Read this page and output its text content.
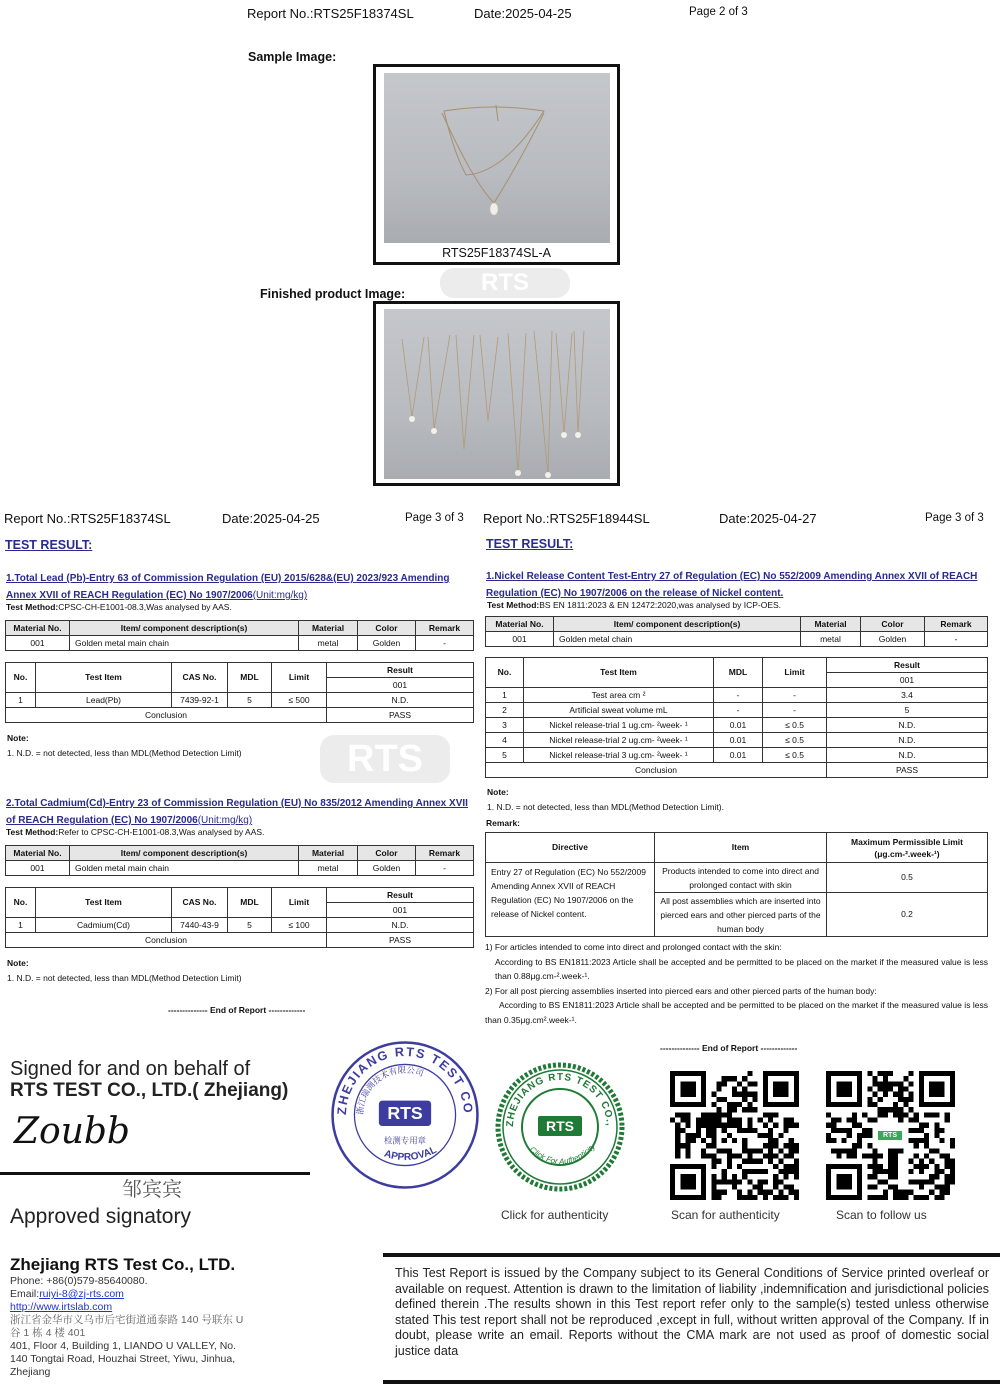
Report No.:RTS25F18374SL	Date:2025-04-25	Page 2 of 3
Sample Image:
RTS25F18374SL-A
RTS
Finished product Image:
Report No.:RTS25F18374SL	Date:2025-04-25	Page 3 of 3
TEST RESULT:
1.Total Lead (Pb)-Entry 63 of Commission Regulation (EU) 2015/628&(EU) 2023/923 Amending Annex XVII of REACH Regulation (EC) No 1907/2006(Unit:mg/kg)
Test Method:CPSC-CH-E1001-08.3,Was analysed by AAS.
Material No.	Item/ component description(s)	Material	Color	Remark
001	Golden metal main chain	metal	Golden	-
No.	Test Item	CAS No.	MDL	Limit	Result
					001
1	Lead(Pb)	7439-92-1	5	≤ 500	N.D.
Conclusion					PASS
RTS
Note:
1. N.D. = not detected, less than MDL(Method Detection Limit)
2.Total Cadmium(Cd)-Entry 23 of Commission Regulation (EU) No 835/2012 Amending Annex XVII of REACH Regulation (EC) No 1907/2006(Unit:mg/kg)
Test Method:Refer to CPSC-CH-E1001-08.3,Was analysed by AAS.
Material No.	Item/ component description(s)	Material	Color	Remark
001	Golden metal main chain	metal	Golden	-
No.	Test Item	CAS No.	MDL	Limit	Result
					001
1	Cadmium(Cd)	7440-43-9	5	≤ 100	N.D.
Conclusion					PASS
Note:
1. N.D. = not detected, less than MDL(Method Detection Limit)
-------------- End of Report -------------
Report No.:RTS25F18944SL	Date:2025-04-27	Page 3 of 3
TEST RESULT:
1.Nickel Release Content Test-Entry 27 of Regulation (EC) No 552/2009 Amending Annex XVII of REACH Regulation (EC) No 1907/2006 on the release of Nickel content.
Test Method:BS EN 1811:2023 & EN 12472:2020,was analysed by ICP-OES.
Material No.	Item/ component description(s)	Material	Color	Remark
001	Golden metal chain	metal	Golden	-
No.	Test Item	MDL	Limit	Result
				001
1	Test area cm ²	-	-	3.4
2	Artificial sweat volume mL	-	-	5
3	Nickel release-trial 1 ug.cm- ²week- ¹	0.01	≤ 0.5	N.D.
4	Nickel release-trial 2 ug.cm- ²week- ¹	0.01	≤ 0.5	N.D.
5	Nickel release-trial 3 ug.cm- ²week- ¹	0.01	≤ 0.5	N.D.
Conclusion				PASS
Note:
1. N.D. = not detected, less than MDL(Method Detection Limit).
Remark:
Directive	Item	Maximum Permissible Limit
(μg.cm-².week-¹)
Entry 27 of Regulation (EC) No 552/2009 Amending Annex XVII of REACH Regulation (EC) No 1907/2006 on the release of Nickel content.	Products intended to come into direct and prolonged contact with skin	0.5
	All post assemblies which are inserted into pierced ears and other pierced parts of the human body	0.2
1) For articles intended to come into direct and prolonged contact with the skin:
According to BS EN1811:2023 Article shall be accepted and be permitted to be placed on the market if the measured value is less than 0.88μg.cm-².week-¹.
2) For all post piercing assemblies inserted into pierced ears and other pierced parts of the human body:
According to BS EN1811:2023 Article shall be accepted and be permitted to be placed on the market if the measured value is less than 0.35μg.cm².week-¹.
-------------- End of Report -------------
Signed for and on behalf of
RTS TEST CO., LTD.( Zhejiang)
Zoubb
邹宾宾
Approved signatory
ZHEJIANG RTS TEST CO
浙江瑞测技术有限公司
RTS
检测专用章
APPROVAL
ZHEJIANG RTS TEST CO.,
RTS
Click For Authenticity
Click for authenticity	Scan for authenticity
RTS
Scan to follow us
Zhejiang RTS Test Co., LTD.
Phone: +86(0)579-85640080.
Email:ruiyi-8@zj-rts.com
http://www.irtslab.com
浙江省金华市义乌市后宅街道通泰路 140 号联东 U
谷 1 栋 4 楼 401
401, Floor 4, Building 1, LIANDO U VALLEY, No.
140 Tongtai Road, Houzhai Street, Yiwu, Jinhua,
Zhejiang
This Test Report is issued by the Company subject to its General Conditions of Service printed overleaf or available on request. Attention is drawn to the limitation of liability ,indemnification and jurisdictional policies defined therein .The results shown in this Test report refer only to the sample(s) tested unless otherwise stated This test report shall not be reproduced ,except in full, without written approval of the Company. If in doubt, please write an email. Reports without the CMA mark are not used as proof of domestic social justice data
